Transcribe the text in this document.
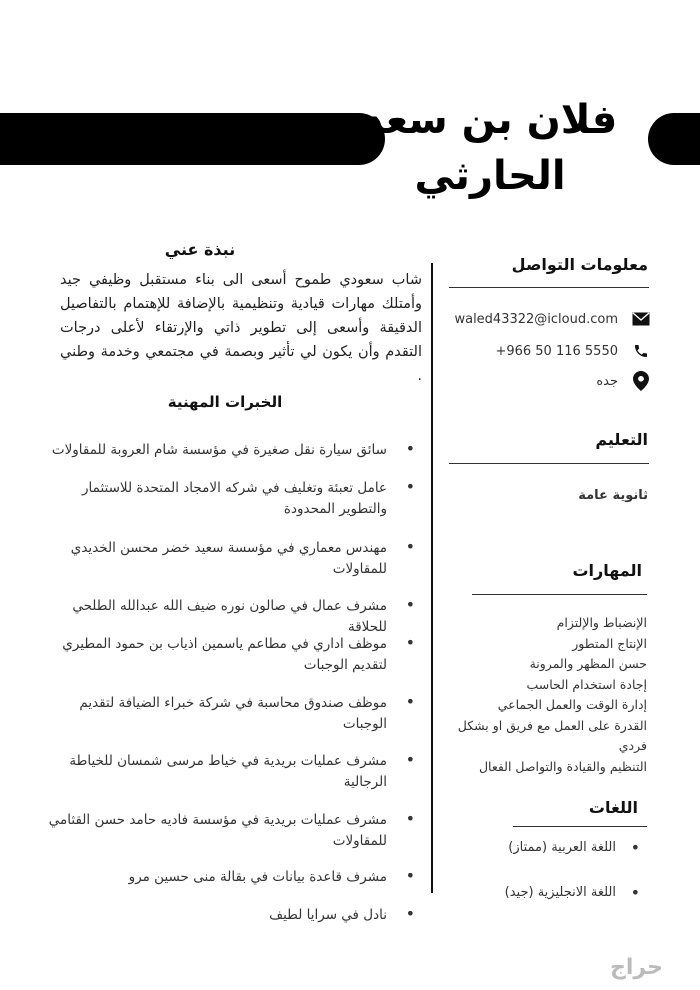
فلان بن سعد
الحارثي
معلومات التواصل
waled43322@icloud.com
+966 50 116 5550
جده
التعليم
ثانوية عامة
المهارات
الإنضباط والإلتزام
الإنتاج المتطور
حسن المظهر والمرونة
إجادة استخدام الحاسب
إدارة الوقت والعمل الجماعي
القدرة على العمل مع فريق او بشكل فردي
التنظيم والقيادة والتواصل الفعال
اللغات
• اللغة العربية (ممتاز)
• اللغة الانجليزية (جيد)
نبذة عني

شاب سعودي طموح أسعى الى بناء مستقبل وظيفي جيد وأمتلك مهارات قيادية وتنظيمية بالإضافة للإهتمام بالتفاصيل الدقيقة وأسعى إلى تطوير ذاتي والإرتقاء لأعلى درجات التقدم وأن يكون لي تأثير وبصمة في مجتمعي وخدمة وطني .

الخبرات المهنية
• سائق سيارة نقل صغيرة في مؤسسة شام العروبة للمقاولات
• عامل تعبئة وتغليف في شركه الامجاد المتحدة للاستثمار والتطوير المحدودة
• مهندس معماري في مؤسسة سعيد خضر محسن الخديدي للمقاولات
• مشرف عمال في صالون نوره ضيف الله عبدالله الطلحي للحلاقة
• موظف اداري في مطاعم ياسمين اذياب بن حمود المطيري لتقديم الوجبات
• موظف صندوق محاسبة في شركة خبراء الضيافة لتقديم الوجبات
• مشرف عمليات بريدية في خياط مرسى شمسان للخياطة الرجالية
• مشرف عمليات بريدية في مؤسسة فاديه حامد حسن القثامي للمقاولات
• مشرف قاعدة بيانات في بقالة منى حسين مرو
• نادل في سرايا لطيف
حراج
